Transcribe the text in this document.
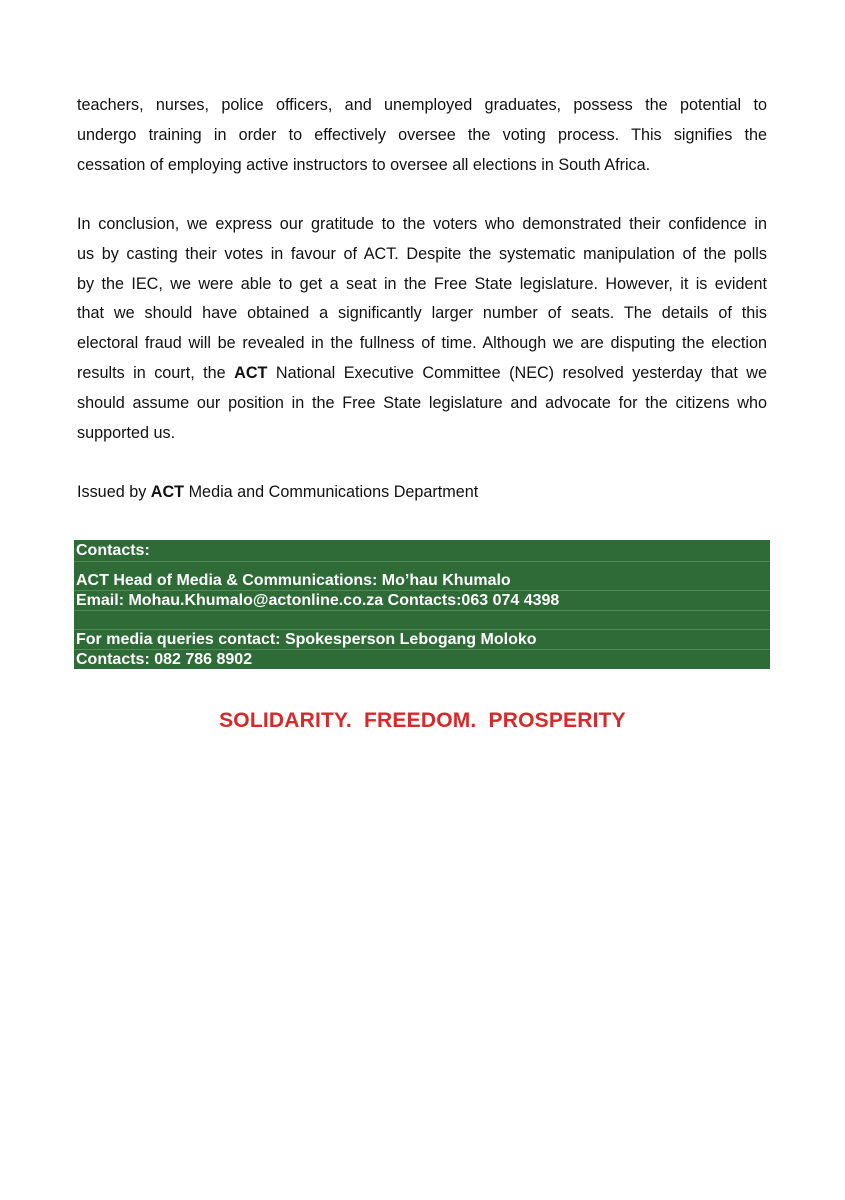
teachers, nurses, police officers, and unemployed graduates, possess the potential to
undergo training in order to effectively oversee the voting process. This signifies the
cessation of employing active instructors to oversee all elections in South Africa.
In conclusion, we express our gratitude to the voters who demonstrated their confidence in
us by casting their votes in favour of ACT. Despite the systematic manipulation of the polls
by the IEC, we were able to get a seat in the Free State legislature. However, it is evident
that we should have obtained a significantly larger number of seats. The details of this
electoral fraud will be revealed in the fullness of time. Although we are disputing the election
results in court, the ACT National Executive Committee (NEC) resolved yesterday that we
should assume our position in the Free State legislature and advocate for the citizens who
supported us.
Issued by ACT Media and Communications Department
Contacts:
ACT Head of Media & Communications: Mo’hau Khumalo
Email: Mohau.Khumalo@actonline.co.za Contacts:063 074 4398
For media queries contact: Spokesperson Lebogang Moloko
Contacts: 082 786 8902
SOLIDARITY. FREEDOM. PROSPERITY
